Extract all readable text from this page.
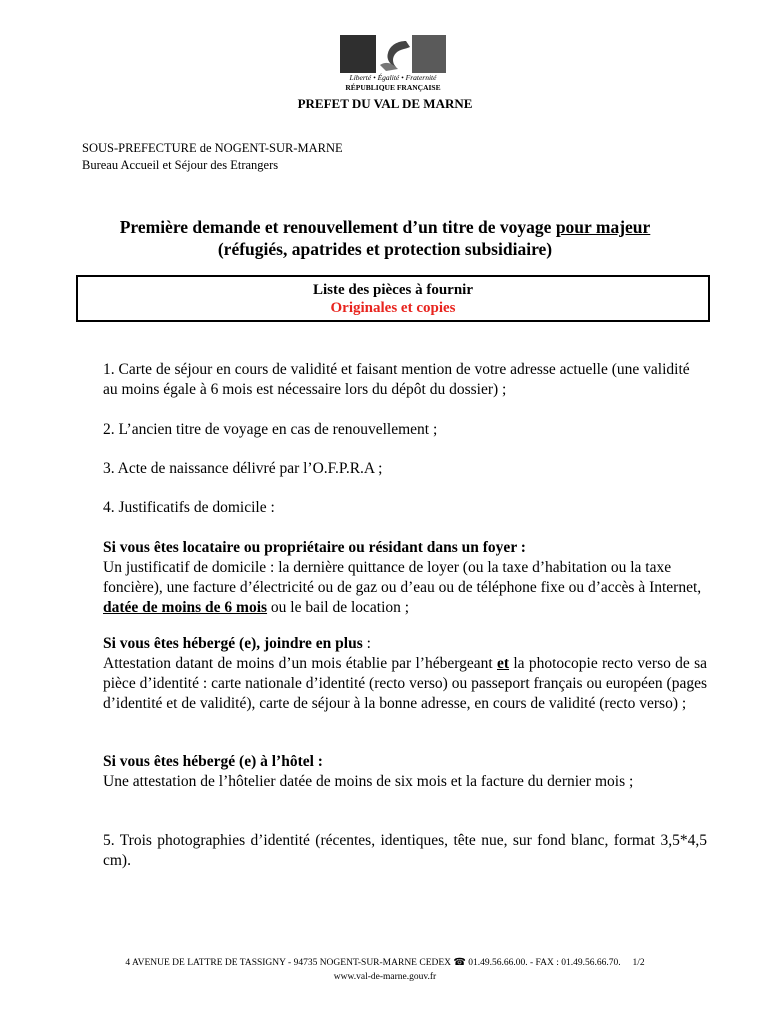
Liberté • Égalité • Fraternité
RÉPUBLIQUE FRANÇAISE
PREFET DU VAL DE MARNE
SOUS-PREFECTURE de NOGENT-SUR-MARNE
Bureau Accueil et Séjour des Etrangers
Première demande et renouvellement d’un titre de voyage pour majeur
(réfugiés, apatrides et protection subsidiaire)
Liste des pièces à fournir
Originales et copies
1. Carte de séjour en cours de validité et faisant mention de votre adresse actuelle (une validité au moins égale à 6 mois est nécessaire lors du dépôt du dossier) ;
2. L’ancien titre de voyage en cas de renouvellement ;
3. Acte de naissance délivré par l’O.F.P.R.A ;
4. Justificatifs de domicile :
Si vous êtes locataire ou propriétaire ou résidant dans un foyer :
Un justificatif de domicile : la dernière quittance de loyer (ou la taxe d’habitation ou la taxe foncière), une facture d’électricité ou de gaz ou d’eau ou de téléphone fixe ou d’accès à Internet, datée de moins de 6 mois ou le bail de location ;
Si vous êtes hébergé (e), joindre en plus :
Attestation datant de moins d’un mois établie par l’hébergeant et la photocopie recto verso de sa pièce d’identité : carte nationale d’identité (recto verso) ou passeport français ou européen (pages d’identité et de validité), carte de séjour à la bonne adresse, en cours de validité (recto verso) ;
Si vous êtes hébergé (e) à l’hôtel :
Une attestation de l’hôtelier datée de moins de six mois et la facture du dernier mois ;
5. Trois photographies d’identité (récentes, identiques, tête nue, sur fond blanc, format 3,5*4,5 cm).
4 AVENUE DE LATTRE DE TASSIGNY - 94735 NOGENT-SUR-MARNE CEDEX ☎ 01.49.56.66.00. - FAX : 01.49.56.66.70. 1/2
www.val-de-marne.gouv.fr
